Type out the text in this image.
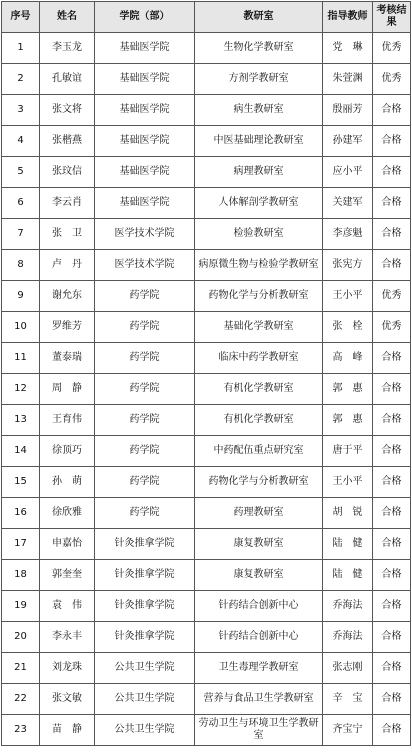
序号	姓名	学院（部）	教研室	指导教师	考核结果
1	李玉龙	基础医学院	生物化学教研室	党　琳	优秀
2	孔敏谊	基础医学院	方剂学教研室	朱萱渊	优秀
3	张文将	基础医学院	病生教研室	殷丽芳	合格
4	张楷燕	基础医学院	中医基础理论教研室	孙建军	合格
5	张玟信	基础医学院	病理教研室	应小平	合格
6	李云肖	基础医学院	人体解剖学教研室	关建军	合格
7	张　卫	医学技术学院	检验教研室	李彦魁	合格
8	卢　丹	医学技术学院	病原微生物与检验学教研室	张宪方	合格
9	谢允东	药学院	药物化学与分析教研室	王小平	优秀
10	罗维芳	药学院	基础化学教研室	张　栓	优秀
11	董泰瑞	药学院	临床中药学教研室	高　峰	合格
12	周　静	药学院	有机化学教研室	郭　惠	合格
13	王育伟	药学院	有机化学教研室	郭　惠	合格
14	徐顶巧	药学院	中药配伍重点研究室	唐于平	合格
15	孙　萌	药学院	药物化学与分析教研室	王小平	合格
16	徐欣雅	药学院	药理教研室	胡　锐	合格
17	申嘉怡	针灸推拿学院	康复教研室	陆　健	合格
18	郭奎奎	针灸推拿学院	康复教研室	陆　健	合格
19	袁　伟	针灸推拿学院	针药结合创新中心	乔海法	合格
20	李永丰	针灸推拿学院	针药结合创新中心	乔海法	合格
21	刘龙珠	公共卫生学院	卫生毒理学教研室	张志刚	合格
22	张文敏	公共卫生学院	营养与食品卫生学教研室	辛　宝	合格
23	苗　静	公共卫生学院	劳动卫生与环境卫生学教研室	齐宝宁	合格
